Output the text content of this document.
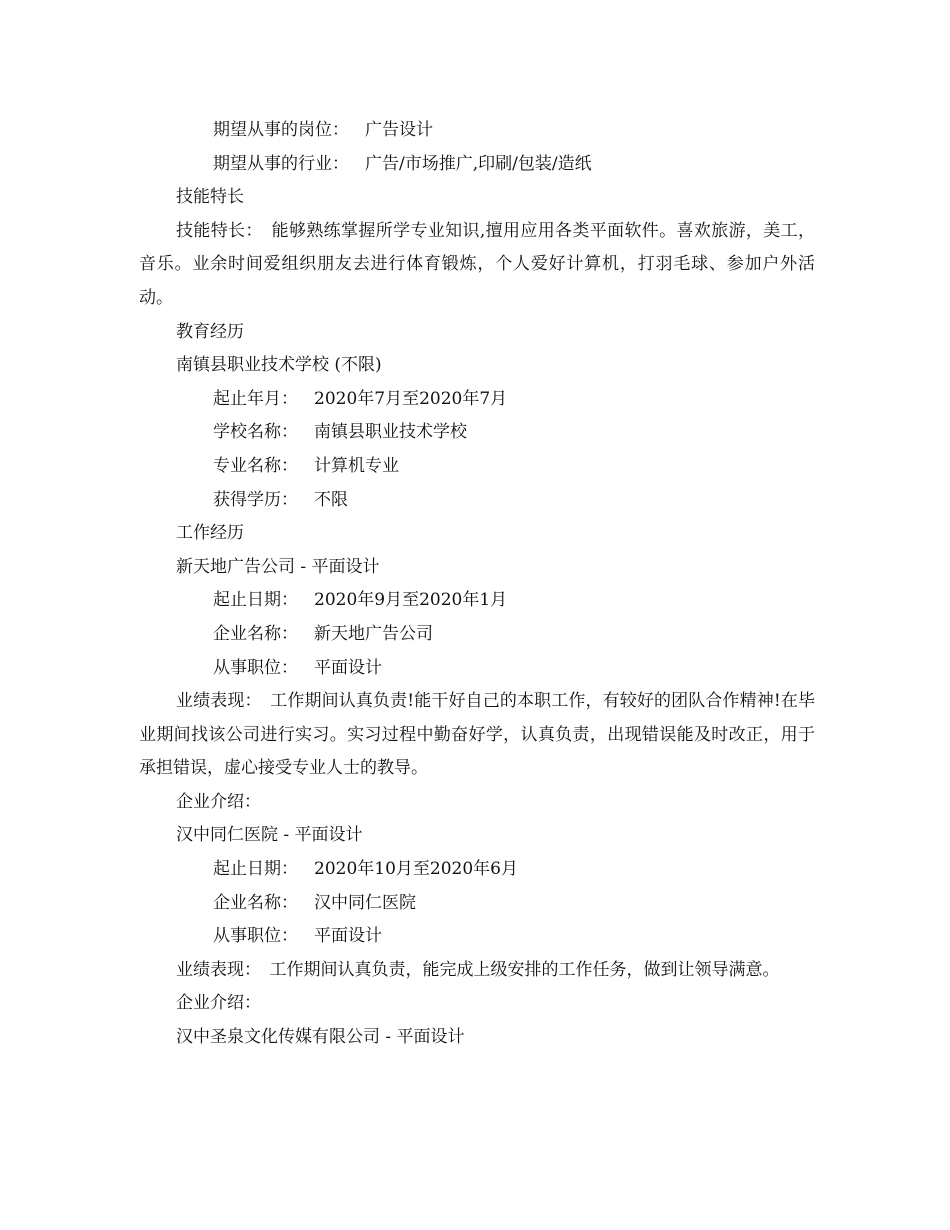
期望从事的岗位： 广告设计
期望从事的行业： 广告/市场推广,印刷/包装/造纸
技能特长
技能特长：　能够熟练掌握所学专业知识,擅用应用各类平面软件。喜欢旅游，美工，音乐。业余时间爱组织朋友去进行体育锻炼，个人爱好计算机，打羽毛球、参加户外活动。
教育经历
南镇县职业技术学校 (不限)
起止年月： 2020年7月至2020年7月
学校名称： 南镇县职业技术学校
专业名称： 计算机专业
获得学历： 不限
工作经历
新天地广告公司 - 平面设计
起止日期： 2020年9月至2020年1月
企业名称： 新天地广告公司
从事职位： 平面设计
业绩表现：　工作期间认真负责!能干好自己的本职工作，有较好的团队合作精神!在毕业期间找该公司进行实习。实习过程中勤奋好学，认真负责，出现错误能及时改正，用于承担错误，虚心接受专业人士的教导。
企业介绍：
汉中同仁医院 - 平面设计
起止日期： 2020年10月至2020年6月
企业名称： 汉中同仁医院
从事职位： 平面设计
业绩表现：　工作期间认真负责，能完成上级安排的工作任务，做到让领导满意。
企业介绍：
汉中圣泉文化传媒有限公司 - 平面设计
